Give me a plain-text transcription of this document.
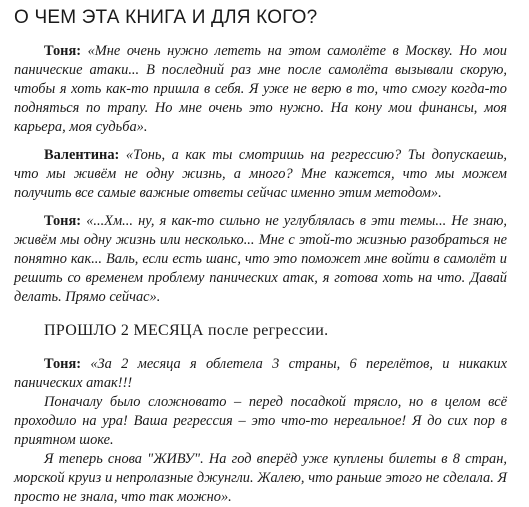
О ЧЕМ ЭТА КНИГА И ДЛЯ КОГО?

Тоня: «Мне очень нужно лететь на этом самолёте в Москву. Но мои панические атаки... В последний раз мне после самолёта вызывали скорую, чтобы я хоть как-то пришла в себя. Я уже не верю в то, что смогу когда-то подняться по трапу. Но мне очень это нужно. На кону мои финансы, моя карьера, моя судьба».

Валентина: «Тонь, а как ты смотришь на регрессию? Ты допускаешь, что мы живём не одну жизнь, а много? Мне кажется, что мы можем получить все самые важные ответы сейчас именно этим методом».

Тоня: «...Хм... ну, я как-то сильно не углублялась в эти темы... Не знаю, живём мы одну жизнь или несколько... Мне с этой-то жизнью разобраться не понятно как... Валь, если есть шанс, что это поможет мне войти в самолёт и решить со временем проблему панических атак, я готова хоть на что. Давай делать. Прямо сейчас».

ПРОШЛО 2 МЕСЯЦА после регрессии.

Тоня: «За 2 месяца я облетела 3 страны, 6 перелётов, и никаких панических атак!!!

Поначалу было сложновато – перед посадкой трясло, но в целом всё проходило на ура! Ваша регрессия – это что-то нереальное! Я до сих пор в приятном шоке.

Я теперь снова "ЖИВУ". На год вперёд уже куплены билеты в 8 стран, морской круиз и непролазные джунгли. Жалею, что раньше этого не сделала. Я просто не знала, что так можно».
